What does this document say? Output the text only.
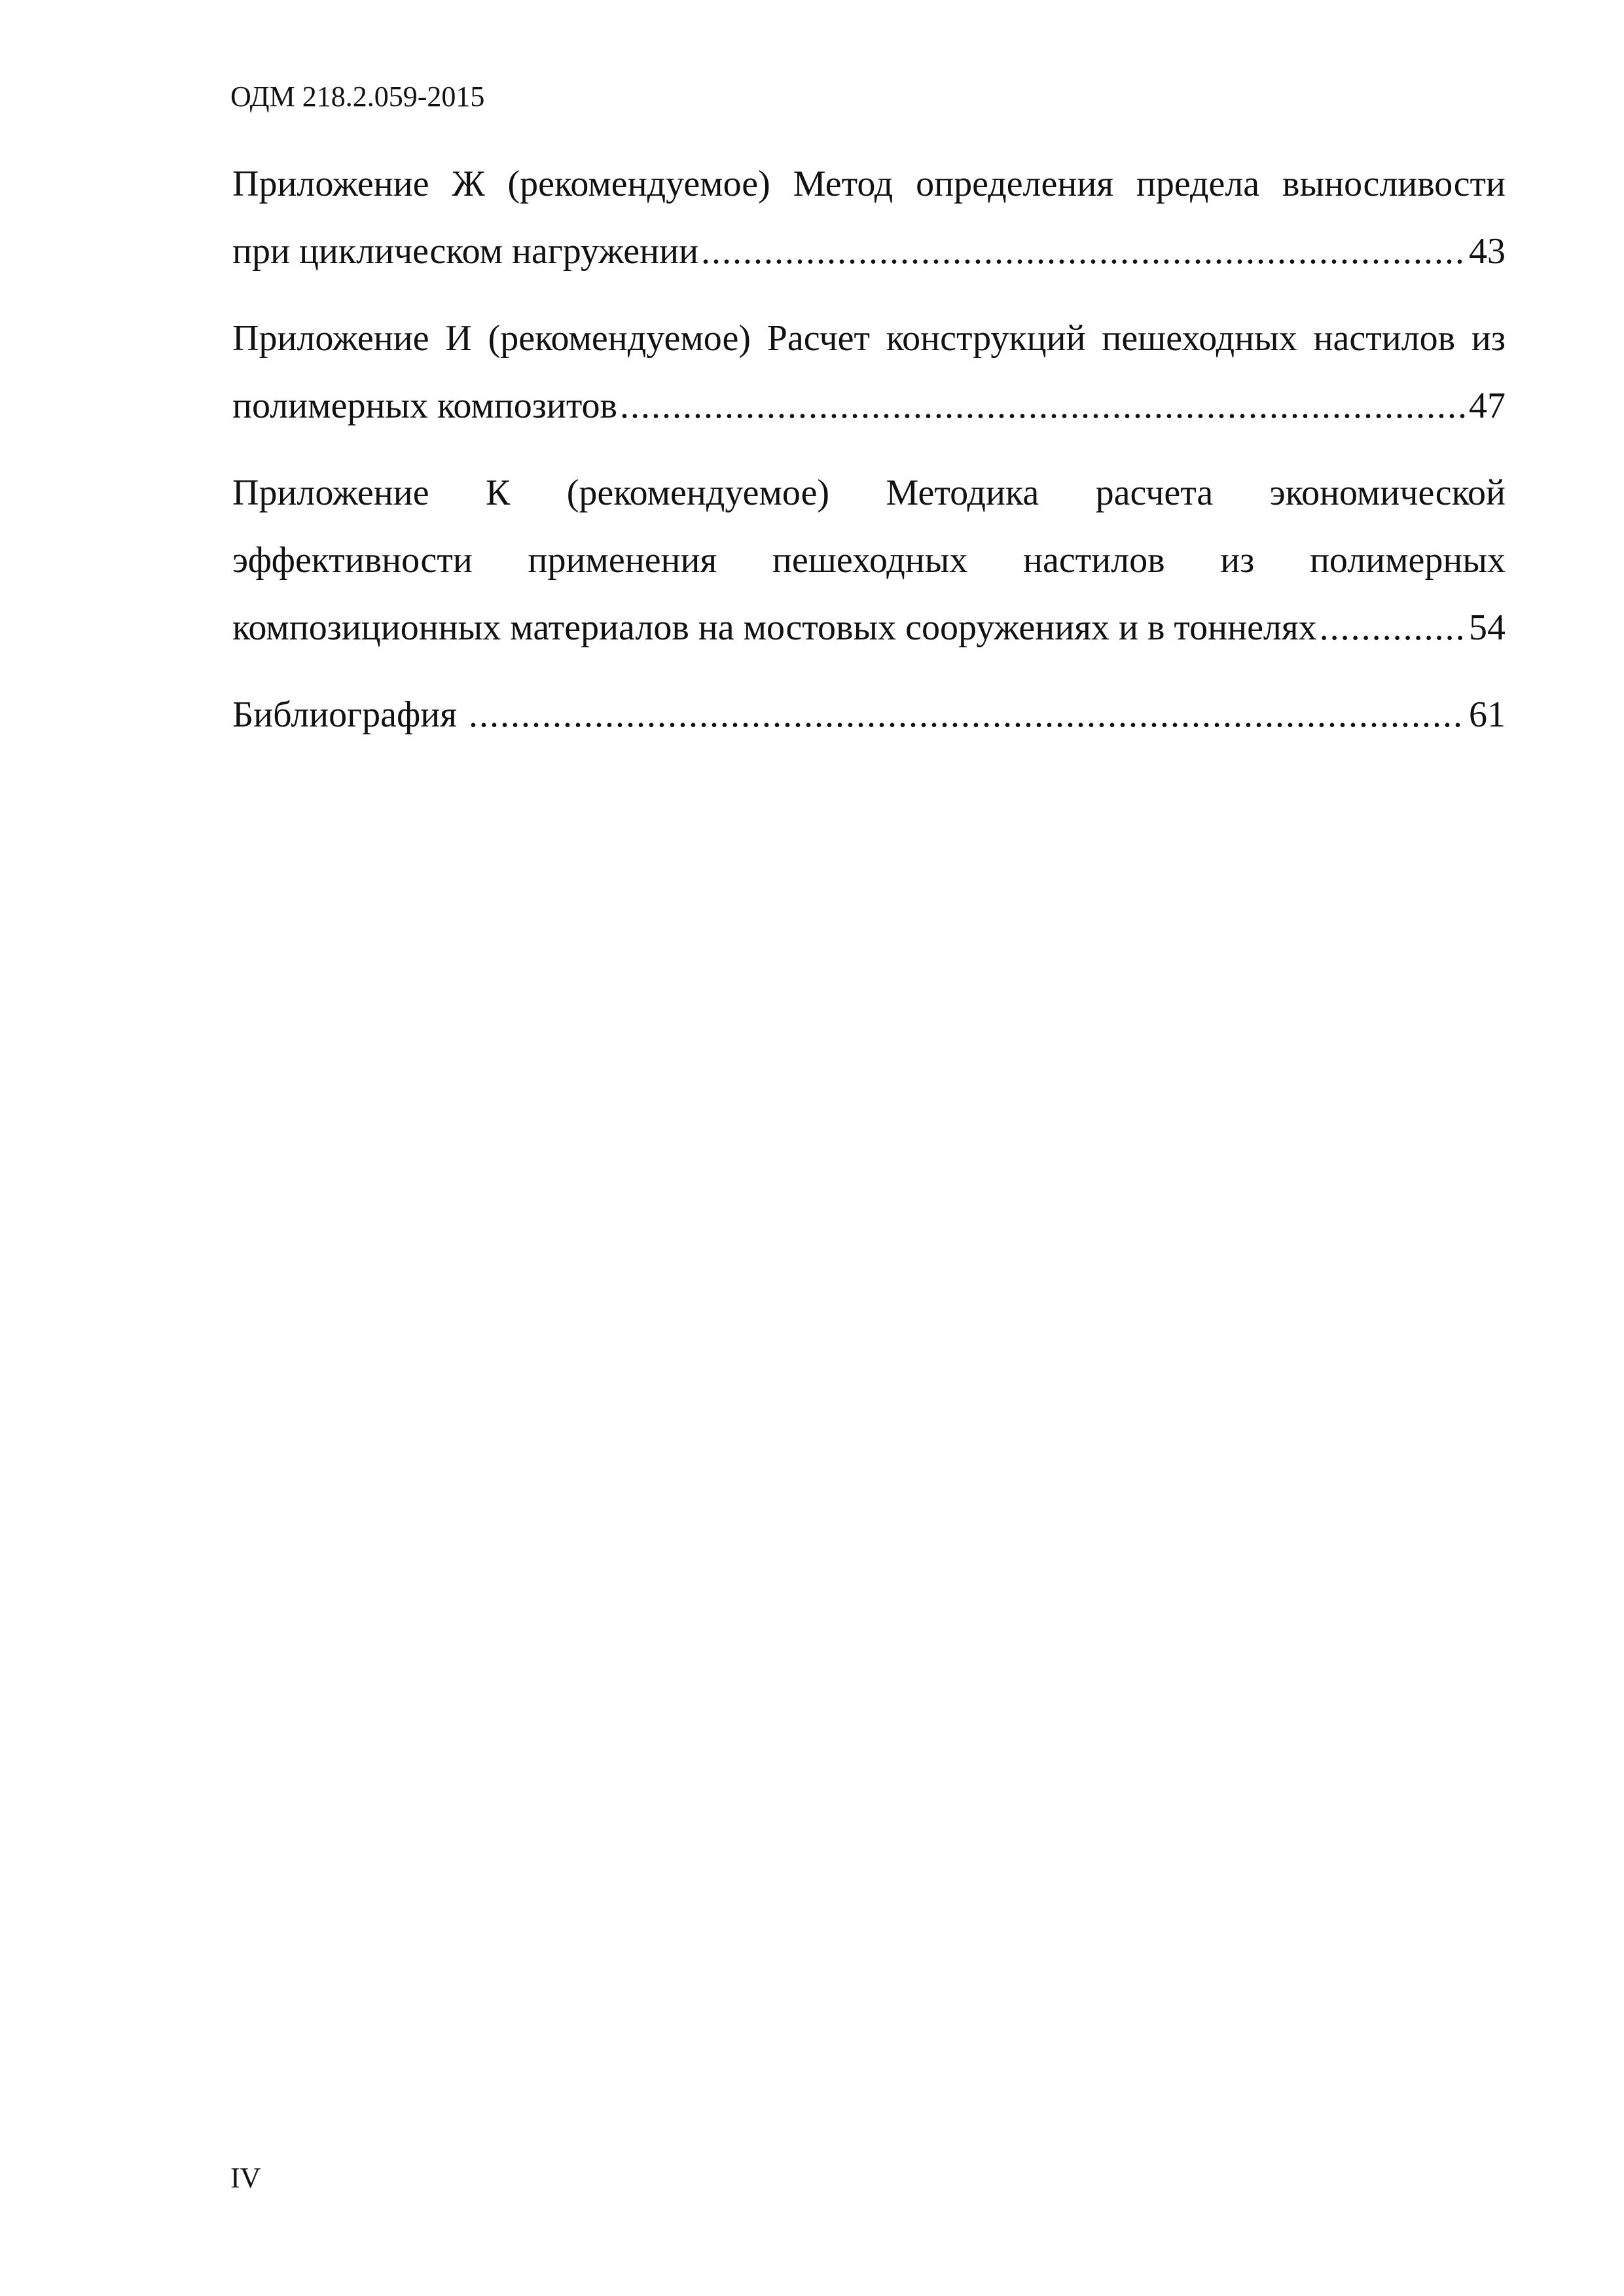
ОДМ 218.2.059-2015
Приложение Ж (рекомендуемое) Метод определения предела выносливости
при циклическом нагружении .....	43
Приложение И (рекомендуемое) Расчет конструкций пешеходных настилов из
полимерных композитов .....	47
Приложение К (рекомендуемое) Методика расчета экономической
эффективности применения пешеходных настилов из полимерных
композиционных материалов на мостовых сооружениях и в тоннелях .....	54
Библиография .....	61
IV
